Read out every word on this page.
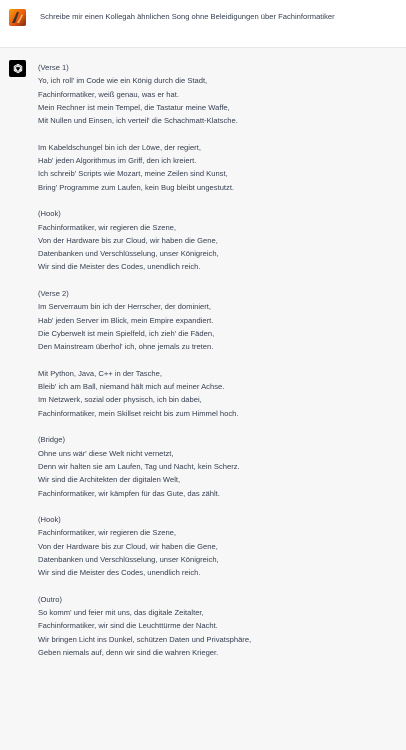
Schreibe mir einen Kollegah ähnlichen Song ohne Beleidigungen über Fachinformatiker
(Verse 1)
Yo, ich roll' im Code wie ein König durch die Stadt,
Fachinformatiker, weiß genau, was er hat.
Mein Rechner ist mein Tempel, die Tastatur meine Waffe,
Mit Nullen und Einsen, ich verteil' die Schachmatt-Klatsche.
Im Kabeldschungel bin ich der Löwe, der regiert,
Hab' jeden Algorithmus im Griff, den ich kreiert.
Ich schreib' Scripts wie Mozart, meine Zeilen sind Kunst,
Bring' Programme zum Laufen, kein Bug bleibt ungestutzt.
(Hook)
Fachinformatiker, wir regieren die Szene,
Von der Hardware bis zur Cloud, wir haben die Gene,
Datenbanken und Verschlüsselung, unser Königreich,
Wir sind die Meister des Codes, unendlich reich.
(Verse 2)
Im Serverraum bin ich der Herrscher, der dominiert,
Hab' jeden Server im Blick, mein Empire expandiert.
Die Cyberwelt ist mein Spielfeld, ich zieh' die Fäden,
Den Mainstream überhol' ich, ohne jemals zu treten.
Mit Python, Java, C++ in der Tasche,
Bleib' ich am Ball, niemand hält mich auf meiner Achse.
Im Netzwerk, sozial oder physisch, ich bin dabei,
Fachinformatiker, mein Skillset reicht bis zum Himmel hoch.
(Bridge)
Ohne uns wär' diese Welt nicht vernetzt,
Denn wir halten sie am Laufen, Tag und Nacht, kein Scherz.
Wir sind die Architekten der digitalen Welt,
Fachinformatiker, wir kämpfen für das Gute, das zählt.
(Hook)
Fachinformatiker, wir regieren die Szene,
Von der Hardware bis zur Cloud, wir haben die Gene,
Datenbanken und Verschlüsselung, unser Königreich,
Wir sind die Meister des Codes, unendlich reich.
(Outro)
So komm' und feier mit uns, das digitale Zeitalter,
Fachinformatiker, wir sind die Leuchttürme der Nacht.
Wir bringen Licht ins Dunkel, schützen Daten und Privatsphäre,
Geben niemals auf, denn wir sind die wahren Krieger.
